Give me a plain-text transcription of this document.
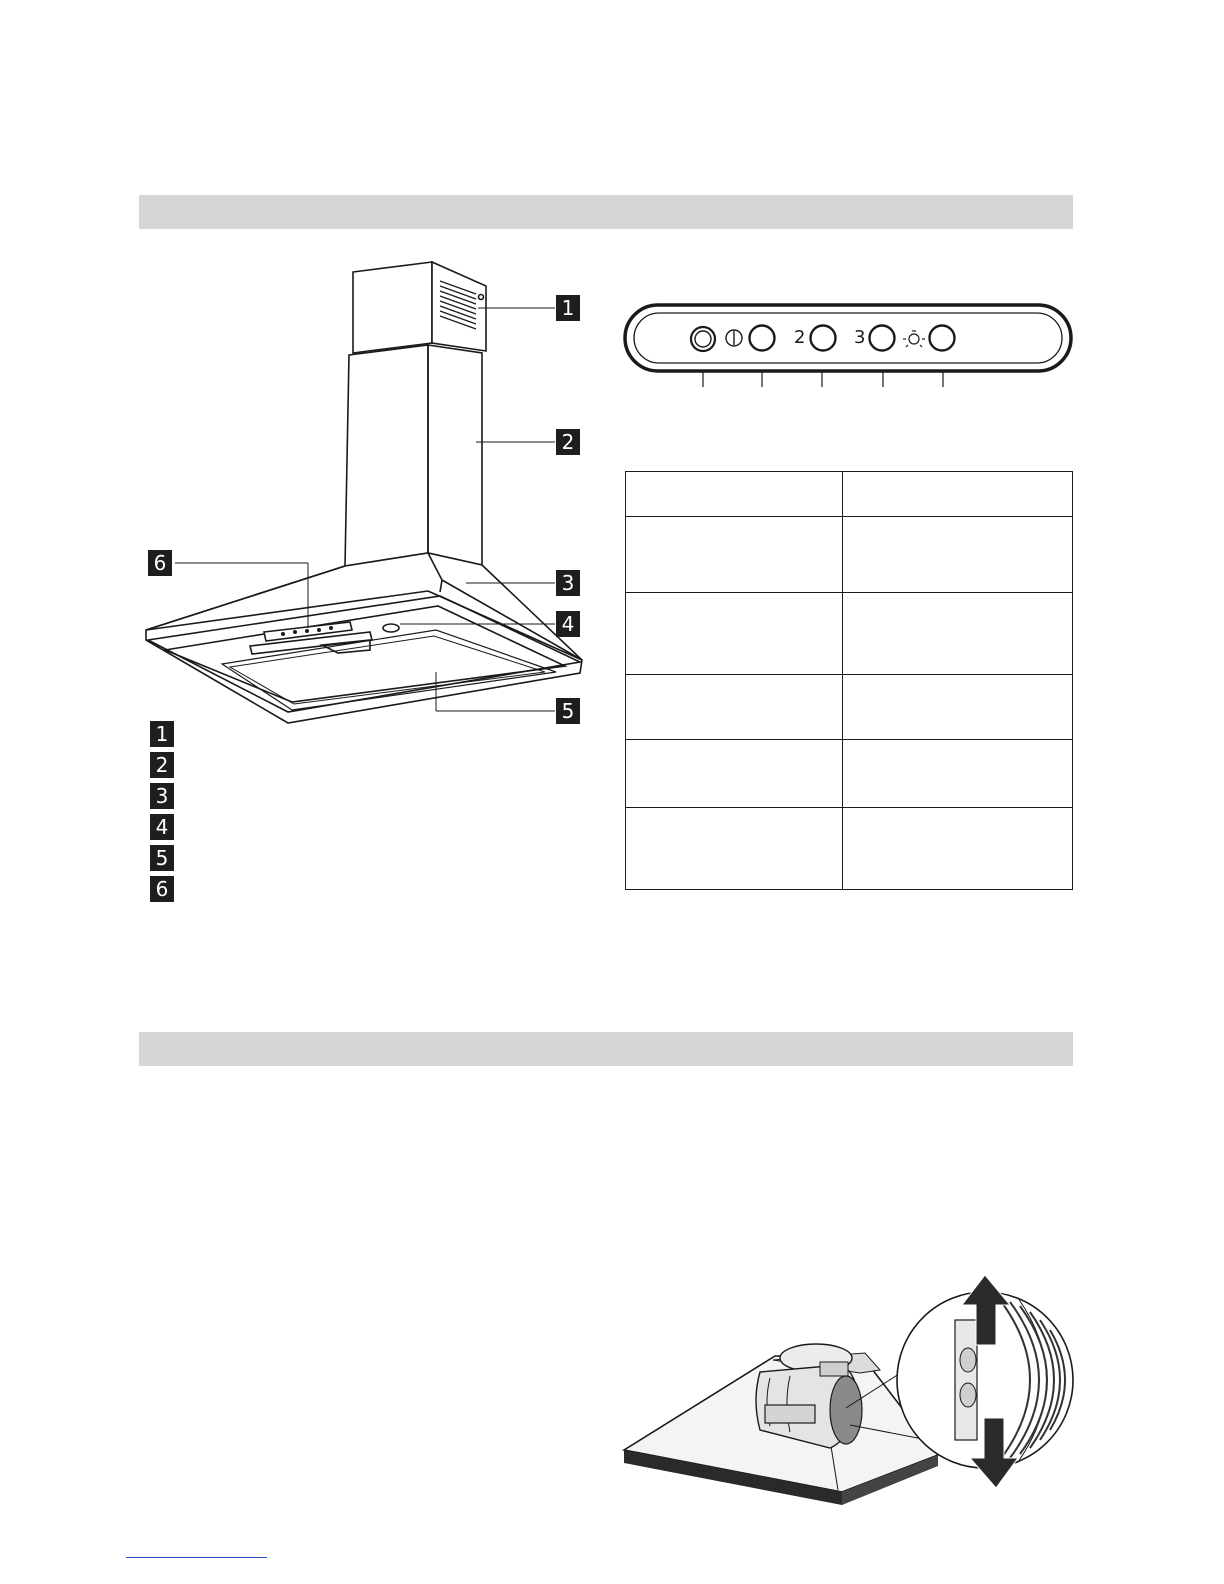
1
2
3
4
5
6
1
2
3
4
5
6
2	3
